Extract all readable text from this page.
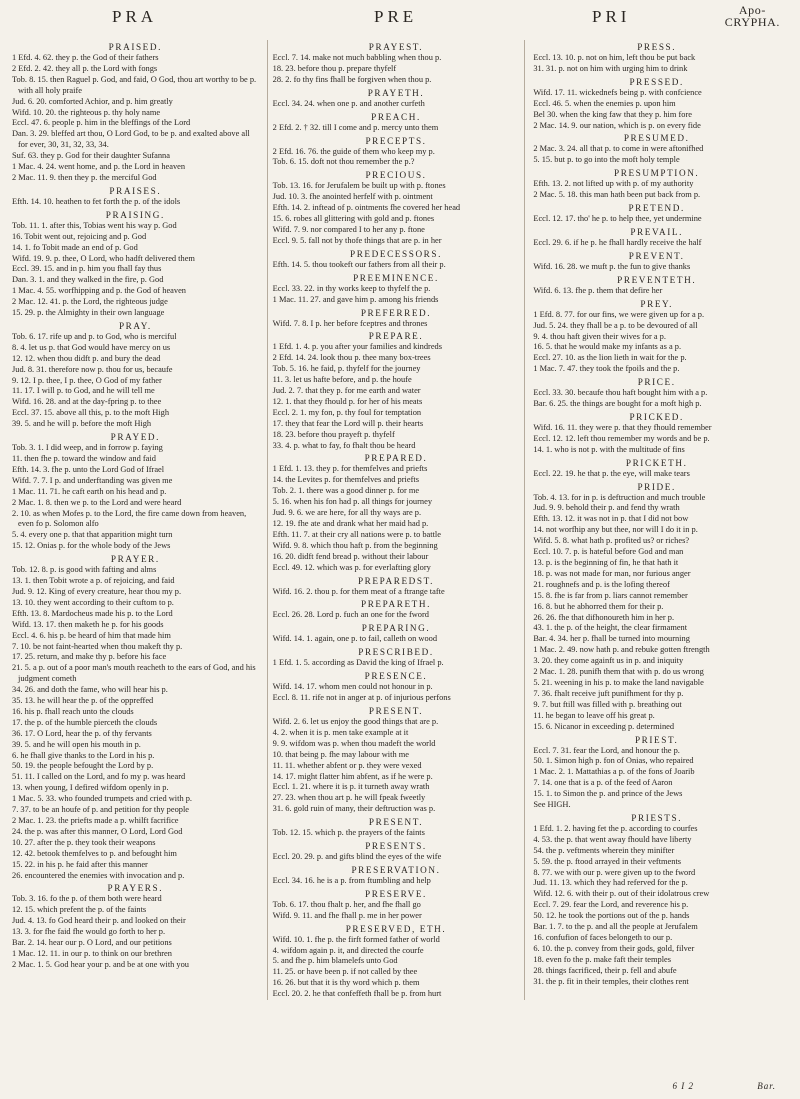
PRA	PRE	PRI	Apo-
CRYPHA.

PRAISED.

1 Efd. 4. 62. they p. the God of their fathers

2 Efd. 2. 42. they all p. the Lord with fongs

Tob. 8. 15. then Raguel p. God, and faid, O God, thou art worthy to be p. with all holy praife

Jud. 6. 20. comforted Achior, and p. him greatly

Wifd. 10. 20. the righteous p. thy holy name

Eccl. 47. 6. people p. him in the bleffings of the Lord

Dan. 3. 29. bleffed art thou, O Lord God, to be p. and exalted above all for ever, 30, 31, 32, 33, 34.

Suf. 63. they p. God for their daughter Sufanna

1 Mac. 4. 24. went home, and p. the Lord in heaven

2 Mac. 11. 9. then they p. the merciful God

PRAISES.

Efth. 14. 10. heathen to fet forth the p. of the idols

PRAISING.

Tob. 11. 1. after this, Tobias went his way p. God

16. Tobit went out, rejoicing and p. God

14. 1. fo Tobit made an end of p. God

Wifd. 19. 9. p. thee, O Lord, who hadft delivered them

Eccl. 39. 15. and in p. him you fhall fay thus

Dan. 3. 1. and they walked in the fire, p. God

1 Mac. 4. 55. worfhipping and p. the God of heaven

2 Mac. 12. 41. p. the Lord, the righteous judge

15. 29. p. the Almighty in their own language

PRAY.

Tob. 6. 17. rife up and p. to God, who is merciful

8. 4. let us p. that God would have mercy on us

12. 12. when thou didft p. and bury the dead

Jud. 8. 31. therefore now p. thou for us, becaufe

9. 12. I p. thee, I p. thee, O God of my father

11. 17. I will p. to God, and he will tell me

Wifd. 16. 28. and at the day-fpring p. to thee

Eccl. 37. 15. above all this, p. to the moft High

39. 5. and he will p. before the moft High

PRAYED.

Tob. 3. 1. I did weep, and in forrow p. faying

11. then fhe p. toward the window and faid

Efth. 14. 3. fhe p. unto the Lord God of Ifrael

Wifd. 7. 7. I p. and underftanding was given me

1 Mac. 11. 71. he caft earth on his head and p.

2 Mac. 1. 8. then we p. to the Lord and were heard

2. 10. as when Mofes p. to the Lord, the fire came down from heaven, even fo p. Solomon alfo

5. 4. every one p. that that apparition might turn

15. 12. Onias p. for the whole body of the Jews

PRAYER.

Tob. 12. 8. p. is good with fafting and alms

13. 1. then Tobit wrote a p. of rejoicing, and faid

Jud. 9. 12. King of every creature, hear thou my p.

13. 10. they went according to their cuftom to p.

Efth. 13. 8. Mardocheus made his p. to the Lord

Wifd. 13. 17. then maketh he p. for his goods

Eccl. 4. 6. his p. be heard of him that made him

7. 10. be not faint-hearted when thou makeft thy p.

17. 25. return, and make thy p. before his face

21. 5. a p. out of a poor man's mouth reacheth to the ears of God, and his judgment cometh

34. 26. and doth the fame, who will hear his p.

35. 13. he will hear the p. of the oppreffed

16. his p. fhall reach unto the clouds

17. the p. of the humble pierceth the clouds

36. 17. O Lord, hear the p. of thy fervants

39. 5. and he will open his mouth in p.

6. he fhall give thanks to the Lord in his p.

50. 19. the people befought the Lord by p.

51. 11. I called on the Lord, and fo my p. was heard

13. when young, I defired wifdom openly in p.

1 Mac. 5. 33. who founded trumpets and cried with p.

7. 37. to be an houfe of p. and petition for thy people

2 Mac. 1. 23. the priefts made a p. whilft facrifice

24. the p. was after this manner, O Lord, Lord God

10. 27. after the p. they took their weapons

12. 42. betook themfelves to p. and befought him

15. 22. in his p. he faid after this manner

26. encountered the enemies with invocation and p.

PRAYERS.

Tob. 3. 16. fo the p. of them both were heard

12. 15. which prefent the p. of the faints

Jud. 4. 13. fo God heard their p. and looked on their

13. 3. for fhe faid fhe would go forth to her p.

Bar. 2. 14. hear our p. O Lord, and our petitions

1 Mac. 12. 11. in our p. to think on our brethren

2 Mac. 1. 5. God hear your p. and be at one with you

PRAYEST.

Eccl. 7. 14. make not much babbling when thou p.

18. 23. before thou p. prepare thyfelf

28. 2. fo thy fins fhall be forgiven when thou p.

PRAYETH.

Eccl. 34. 24. when one p. and another curfeth

PREACH.

2 Efd. 2. † 32. till I come and p. mercy unto them

PRECEPTS.

2 Efd. 16. 76. the guide of them who keep my p.

Tob. 6. 15. doft not thou remember the p.?

PRECIOUS.

Tob. 13. 16. for Jerufalem be built up with p. ftones

Jud. 10. 3. fhe anointed herfelf with p. ointment

Efth. 14. 2. inftead of p. ointments fhe covered her head

15. 6. robes all glittering with gold and p. ftones

Wifd. 7. 9. nor compared I to her any p. ftone

Eccl. 9. 5. fall not by thofe things that are p. in her

PREDECESSORS.

Efth. 14. 5. thou tookeft our fathers from all their p.

PREEMINENCE.

Eccl. 33. 22. in thy works keep to thyfelf the p.

1 Mac. 11. 27. and gave him p. among his friends

PREFERRED.

Wifd. 7. 8. I p. her before fceptres and thrones

PREPARE.

1 Efd. 1. 4. p. you after your families and kindreds

2 Efd. 14. 24. look thou p. thee many box-trees

Tob. 5. 16. he faid, p. thyfelf for the journey

11. 3. let us hafte before, and p. the houfe

Jud. 2. 7. that they p. for me earth and water

12. 1. that they fhould p. for her of his meats

Eccl. 2. 1. my fon, p. thy foul for temptation

17. they that fear the Lord will p. their hearts

18. 23. before thou prayeft p. thyfelf

33. 4. p. what to fay, fo fhalt thou be heard

PREPARED.

1 Efd. 1. 13. they p. for themfelves and priefts

14. the Levites p. for themfelves and priefts

Tob. 2. 1. there was a good dinner p. for me

5. 16. when his fon had p. all things for journey

Jud. 9. 6. we are here, for all thy ways are p.

12. 19. fhe ate and drank what her maid had p.

Efth. 11. 7. at their cry all nations were p. to battle

Wifd. 9. 8. which thou haft p. from the beginning

16. 20. didft fend bread p. without their labour

Eccl. 49. 12. which was p. for everlafting glory

PREPAREDST.

Wifd. 16. 2. thou p. for them meat of a ftrange tafte

PREPARETH.

Eccl. 26. 28. Lord p. fuch an one for the fword

PREPARING.

Wifd. 14. 1. again, one p. to fail, calleth on wood

PRESCRIBED.

1 Efd. 1. 5. according as David the king of Ifrael p.

PRESENCE.

Wifd. 14. 17. whom men could not honour in p.

Eccl. 8. 11. rife not in anger at p. of injurious perfons

PRESENT.

Wifd. 2. 6. let us enjoy the good things that are p.

4. 2. when it is p. men take example at it

9. 9. wifdom was p. when thou madeft the world

10. that being p. fhe may labour with me

11. 11. whether abfent or p. they were vexed

14. 17. might flatter him abfent, as if he were p.

Eccl. 1. 21. where it is p. it turneth away wrath

27. 23. when thou art p. he will fpeak fweetly

31. 6. gold ruin of many, their deftruction was p.

PRESENT.

Tob. 12. 15. which p. the prayers of the faints

PRESENTS.

Eccl. 20. 29. p. and gifts blind the eyes of the wife

PRESERVATION.

Eccl. 34. 16. he is a p. from ftumbling and help

PRESERVE.

Tob. 6. 17. thou fhalt p. her, and fhe fhall go

Wifd. 9. 11. and fhe fhall p. me in her power

PRESERVED, ETH.

Wifd. 10. 1. fhe p. the firft formed father of world

4. wifdom again p. it, and directed the courfe

5. and fhe p. him blamelefs unto God

11. 25. or have been p. if not called by thee

16. 26. but that it is thy word which p. them

Eccl. 20. 2. he that confeffeth fhall be p. from hurt

PRESS.

Eccl. 13. 10. p. not on him, left thou be put back

31. 31. p. not on him with urging him to drink

PRESSED.

Wifd. 17. 11. wickednefs being p. with confcience

Eccl. 46. 5. when the enemies p. upon him

Bel 30. when the king faw that they p. him fore

2 Mac. 14. 9. our nation, which is p. on every fide

PRESUMED.

2 Mac. 3. 24. all that p. to come in were aftonifhed

5. 15. but p. to go into the moft holy temple

PRESUMPTION.

Efth. 13. 2. not lifted up with p. of my authority

2 Mac. 5. 18. this man hath been put back from p.

PRETEND.

Eccl. 12. 17. tho' he p. to help thee, yet undermine

PREVAIL.

Eccl. 29. 6. if he p. he fhall hardly receive the half

PREVENT.

Wifd. 16. 28. we muft p. the fun to give thanks

PREVENTETH.

Wifd. 6. 13. fhe p. them that defire her

PREY.

1 Efd. 8. 77. for our fins, we were given up for a p.

Jud. 5. 24. they fhall be a p. to be devoured of all

9. 4. thou haft given their wives for a p.

16. 5. that he would make my infants as a p.

Eccl. 27. 10. as the lion lieth in wait for the p.

1 Mac. 7. 47. they took the fpoils and the p.

PRICE.

Eccl. 33. 30. becaufe thou haft bought him with a p.

Bar. 6. 25. the things are bought for a moft high p.

PRICKED.

Wifd. 16. 11. they were p. that they fhould remember

Eccl. 12. 12. left thou remember my words and be p.

14. 1. who is not p. with the multitude of fins

PRICKETH.

Eccl. 22. 19. he that p. the eye, will make tears

PRIDE.

Tob. 4. 13. for in p. is deftruction and much trouble

Jud. 9. 9. behold their p. and fend thy wrath

Efth. 13. 12. it was not in p. that I did not bow

14. not worfhip any but thee, nor will I do it in p.

Wifd. 5. 8. what hath p. profited us? or riches?

Eccl. 10. 7. p. is hateful before God and man

13. p. is the beginning of fin, he that hath it

18. p. was not made for man, nor furious anger

21. roughnefs and p. is the lofing thereof

15. 8. fhe is far from p. liars cannot remember

16. 8. but he abhorred them for their p.

26. 26. fhe that difhonoureth him in her p.

43. 1. the p. of the height, the clear firmament

Bar. 4. 34. her p. fhall be turned into mourning

1 Mac. 2. 49. now hath p. and rebuke gotten ftrength

3. 20. they come againft us in p. and iniquity

2 Mac. 1. 28. punifh them that with p. do us wrong

5. 21. weening in his p. to make the land navigable

7. 36. fhalt receive juft punifhment for thy p.

9. 7. but ftill was filled with p. breathing out

11. he began to leave off his great p.

15. 6. Nicanor in exceeding p. determined

PRIEST.

Eccl. 7. 31. fear the Lord, and honour the p.

50. 1. Simon high p. fon of Onias, who repaired

1 Mac. 2. 1. Mattathias a p. of the fons of Joarib

7. 14. one that is a p. of the feed of Aaron

15. 1. to Simon the p. and prince of the Jews

See HIGH.

PRIESTS.

1 Efd. 1. 2. having fet the p. according to courfes

4. 53. the p. that went away fhould have liberty

54. the p. veftments wherein they minifter

5. 59. the p. ftood arrayed in their veftments

8. 77. we with our p. were given up to the fword

Jud. 11. 13. which they had referved for the p.

Wifd. 12. 6. with their p. out of their idolatrous crew

Eccl. 7. 29. fear the Lord, and reverence his p.

50. 12. he took the portions out of the p. hands

Bar. 1. 7. to the p. and all the people at Jerufalem

16. confufion of faces belongeth to our p.

6. 10. the p. convey from their gods, gold, filver

18. even fo the p. make faft their temples

28. things facrificed, their p. fell and abufe

31. the p. fit in their temples, their clothes rent

6 I 2	Bar.
